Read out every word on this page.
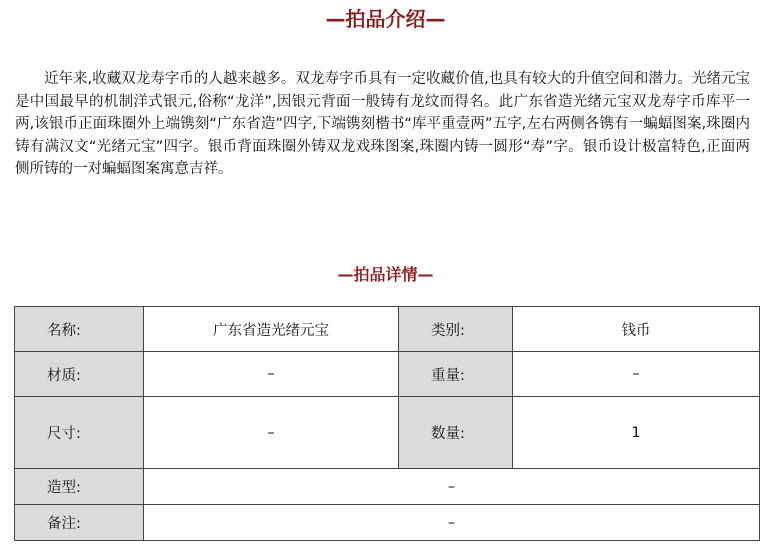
—拍品介绍—

近年来,收藏双龙寿字币的人越来越多。双龙寿字币具有一定收藏价值,也具有较大的升值空间和潜力。光绪元宝是中国最早的机制洋式银元,俗称“龙洋”,因银元背面一般铸有龙纹而得名。此广东省造光绪元宝双龙寿字币库平一两,该银币正面珠圈外上端镌刻“广东省造”四字,下端镌刻楷书“库平重壹两”五字,左右两侧各镌有一蝙蝠图案,珠圈内铸有满汉文“光绪元宝”四字。银币背面珠圈外铸双龙戏珠图案,珠圈内铸一圆形“寿”字。银币设计极富特色,正面两侧所铸的一对蝙蝠图案寓意吉祥。

—拍品详情—
名称:	广东省造光绪元宝	类别:	钱币
材质:	–	重量:	–
尺寸:	–	数量:	1
造型:	–		
备注:	–		
